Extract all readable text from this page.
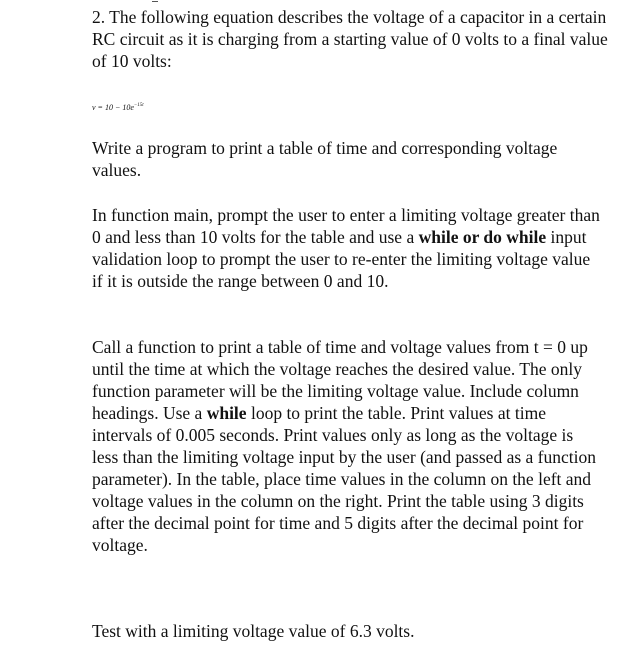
2. The following equation describes the voltage of a capacitor in a certain RC circuit as it is charging from a starting value of 0 volts to a final value of 10 volts:

$v = 10 - 10e^{-15t}$

Write a program to print a table of time and corresponding voltage values.

In function main, prompt the user to enter a limiting voltage greater than 0 and less than 10 volts for the table and use a while or do while input validation loop to prompt the user to re-enter the limiting voltage value if it is outside the range between 0 and 10.

Call a function to print a table of time and voltage values from t = 0 up until the time at which the voltage reaches the desired value. The only function parameter will be the limiting voltage value. Include column headings. Use a while loop to print the table. Print values at time intervals of 0.005 seconds. Print values only as long as the voltage is less than the limiting voltage input by the user (and passed as a function parameter). In the table, place time values in the column on the left and voltage values in the column on the right. Print the table using 3 digits after the decimal point for time and 5 digits after the decimal point for voltage.

Test with a limiting voltage value of 6.3 volts.
